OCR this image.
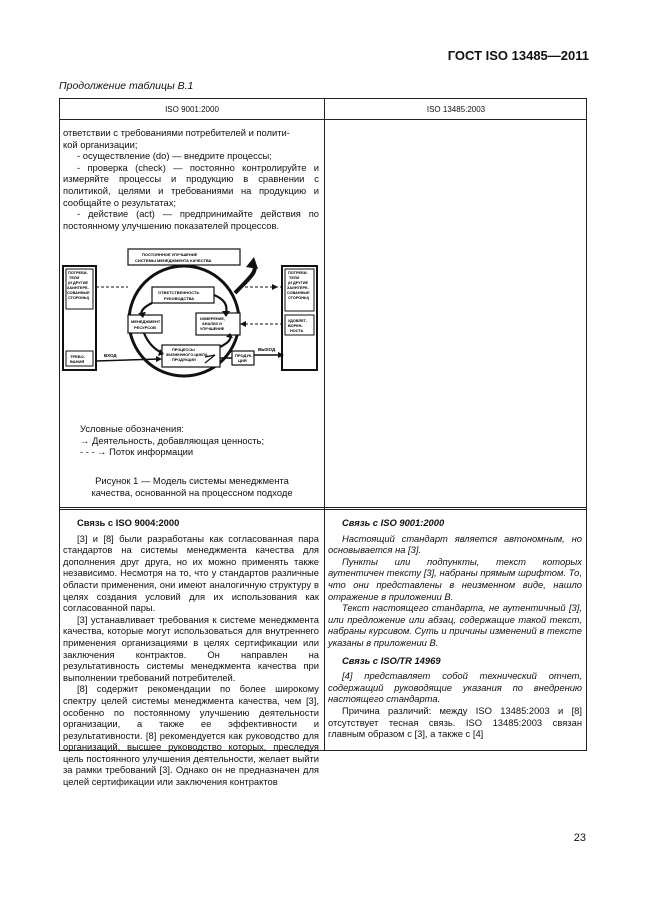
ГОСТ ISO 13485—2011
Продолжение таблицы В.1
ISO 9001:2000	ISO 13485:2003

ответствии с требованиями потребителей и полити-

кой организации;

- осуществление (do) — внедрите процессы;

- проверка (check) — постоянно контролируйте и измеряйте процессы и продукцию в сравнении с политикой, целями и требованиями на продукцию и сообщайте о результатах;

- действие (act) — предпринимайте действия по постоянному улучшению показателей процессов.

ПОТРЕБИ-ТЕЛИ (И ДРУГИЕ ЗАИНТЕРЕ-СОВАННЫЕ СТОРОНЫ)
ТРЕБО-ВАНИЯ
ПОТРЕБИ-ТЕЛИ (И ДРУГИЕ ЗАИНТЕРЕ-СОВАННЫЕ СТОРОНЫ)
УДОВЛЕТ-ВОРЕН-НОСТЬ
ПОСТОЯННОЕ УЛУЧШЕНИЕ СИСТЕМЫ МЕНЕДЖМЕНТА КАЧЕСТВА
ОТВЕТСТВЕННОСТЬ РУКОВОДСТВА
МЕНЕДЖМЕНТ РЕСУРСОВ
ИЗМЕРЕНИЕ, АНАЛИЗ И УЛУЧШЕНИЕ
ПРОЦЕССЫ ЖИЗНЕННОГО ЦИКЛА ПРОДУКЦИИ
ВХОД	ПРОДУК-ЦИЯ
ВЫХОД
Условные обозначения:
→ Деятельность, добавляющая ценность;
- - - → Поток информации
Рисунок 1 — Модель системы менеджмента качества, основанной на процессном подходе

Связь с ISO 9004:2000

[3] и [8] были разработаны как согласованная пара стандартов на системы менеджмента качества для дополнения друг друга, но их можно применять также независимо. Несмотря на то, что у стандартов различные области применения, они имеют аналогичную структуру в целях создания условий для их использования как согласованной пары.

[3] устанавливает требования к системе менеджмента качества, которые могут использоваться для внутреннего применения организациями в целях сертификации или заключения контрактов. Он направлен на результативность системы менеджмента качества при выполнении требований потребителей.

[8] содержит рекомендации по более широкому спектру целей системы менеджмента качества, чем [3], особенно по постоянному улучшению деятельности организации, а также ее эффективности и результативности. [8] рекомендуется как руководство для организаций, высшее руководство которых, преследуя цель постоянного улучшения деятельности, желает выйти за рамки требований [3]. Однако он не предназначен для целей сертификации или заключения контрактов

Связь с ISO 9001:2000

Настоящий стандарт является автономным, но основывается на [3].

Пункты или подпункты, текст которых аутентичен тексту [3], набраны прямым шрифтом. То, что они представлены в неизменном виде, нашло отражение в приложении В.

Текст настоящего стандарта, не аутентичный [3], или предложение или абзац, содержащие такой текст, набраны курсивом. Суть и причины изменений в тексте указаны в приложении В.

Связь с ISO/TR 14969

[4] представляет собой технический отчет, содержащий руководящие указания по внедрению настоящего стандарта.

Причина различий: между ISO 13485:2003 и [8] отсутствует тесная связь. ISO 13485:2003 связан главным образом с [3], а также с [4]

23
